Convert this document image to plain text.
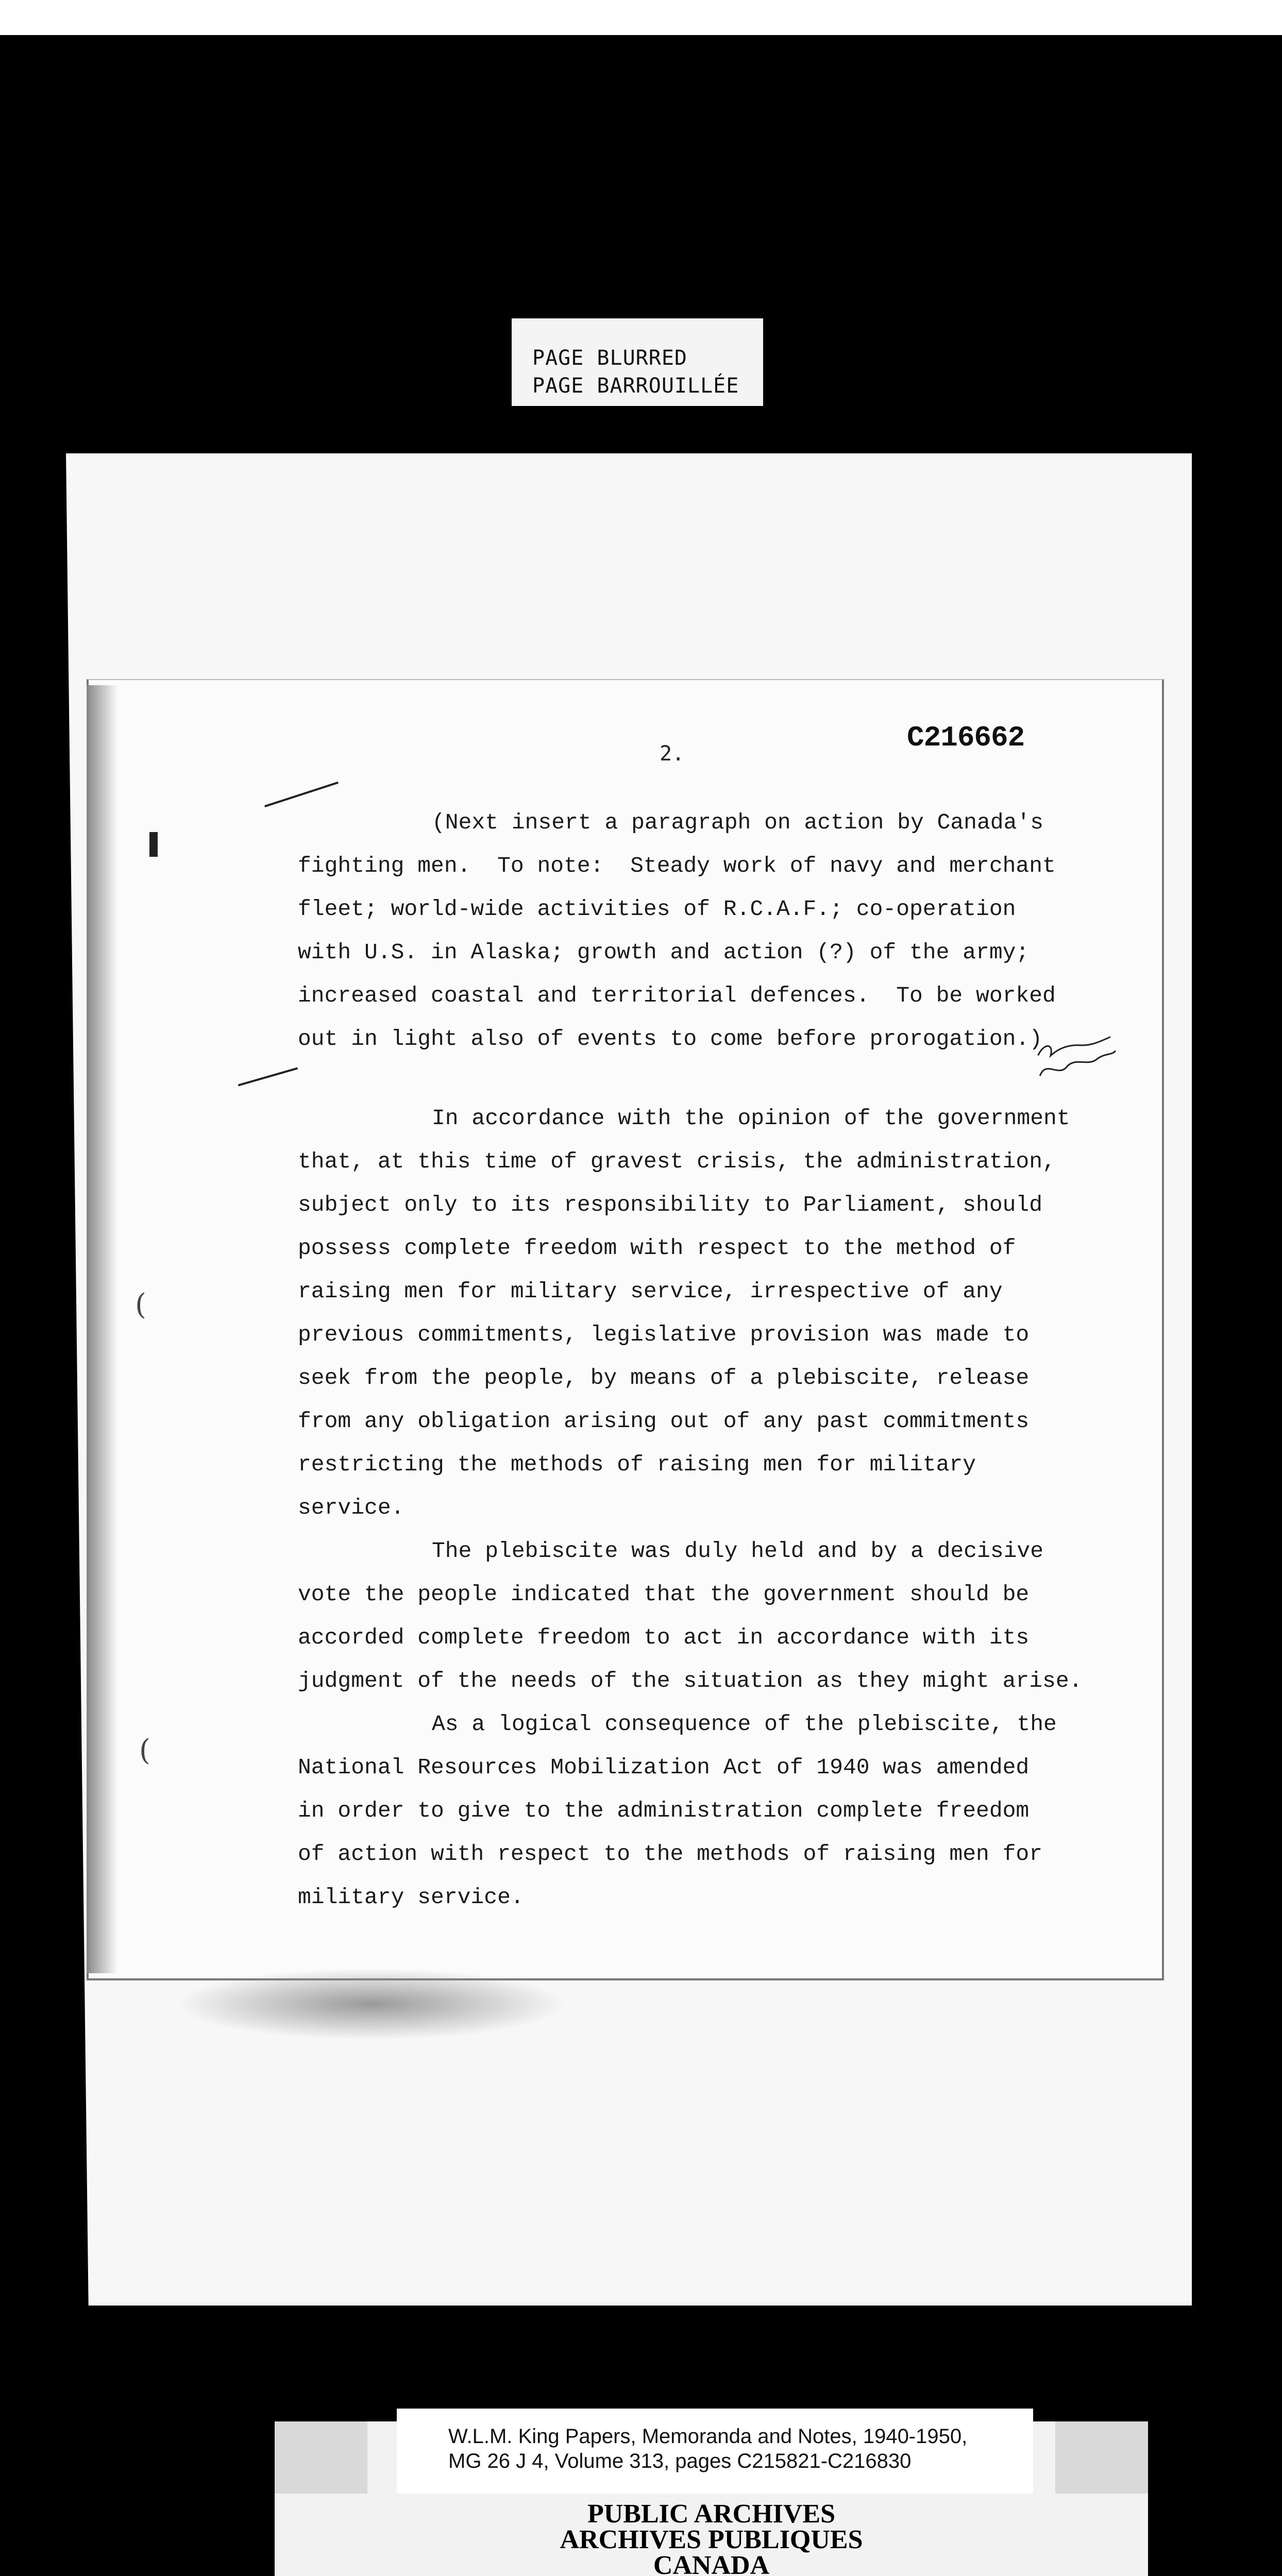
PAGE BLURRED
PAGE BARROUILLÉE
2.	C216662
(
(

(Next insert a paragraph on action by Canada's
fighting men.  To note:  Steady work of navy and merchant
fleet; world-wide activities of R.C.A.F.; co-operation
with U.S. in Alaska; growth and action (?) of the army;
increased coastal and territorial defences.  To be worked
out in light also of events to come before prorogation.)

In accordance with the opinion of the government
that, at this time of gravest crisis, the administration,
subject only to its responsibility to Parliament, should
possess complete freedom with respect to the method of
raising men for military service, irrespective of any
previous commitments, legislative provision was made to
seek from the people, by means of a plebiscite, release
from any obligation arising out of any past commitments
restricting the methods of raising men for military
service.

The plebiscite was duly held and by a decisive
vote the people indicated that the government should be
accorded complete freedom to act in accordance with its
judgment of the needs of the situation as they might arise.

As a logical consequence of the plebiscite, the
National Resources Mobilization Act of 1940 was amended
in order to give to the administration complete freedom
of action with respect to the methods of raising men for
military service.

W.L.M. King Papers, Memoranda and Notes, 1940-1950,
MG 26 J 4, Volume 313, pages C215821-C216830
PUBLIC ARCHIVES
ARCHIVES PUBLIQUES
CANADA
